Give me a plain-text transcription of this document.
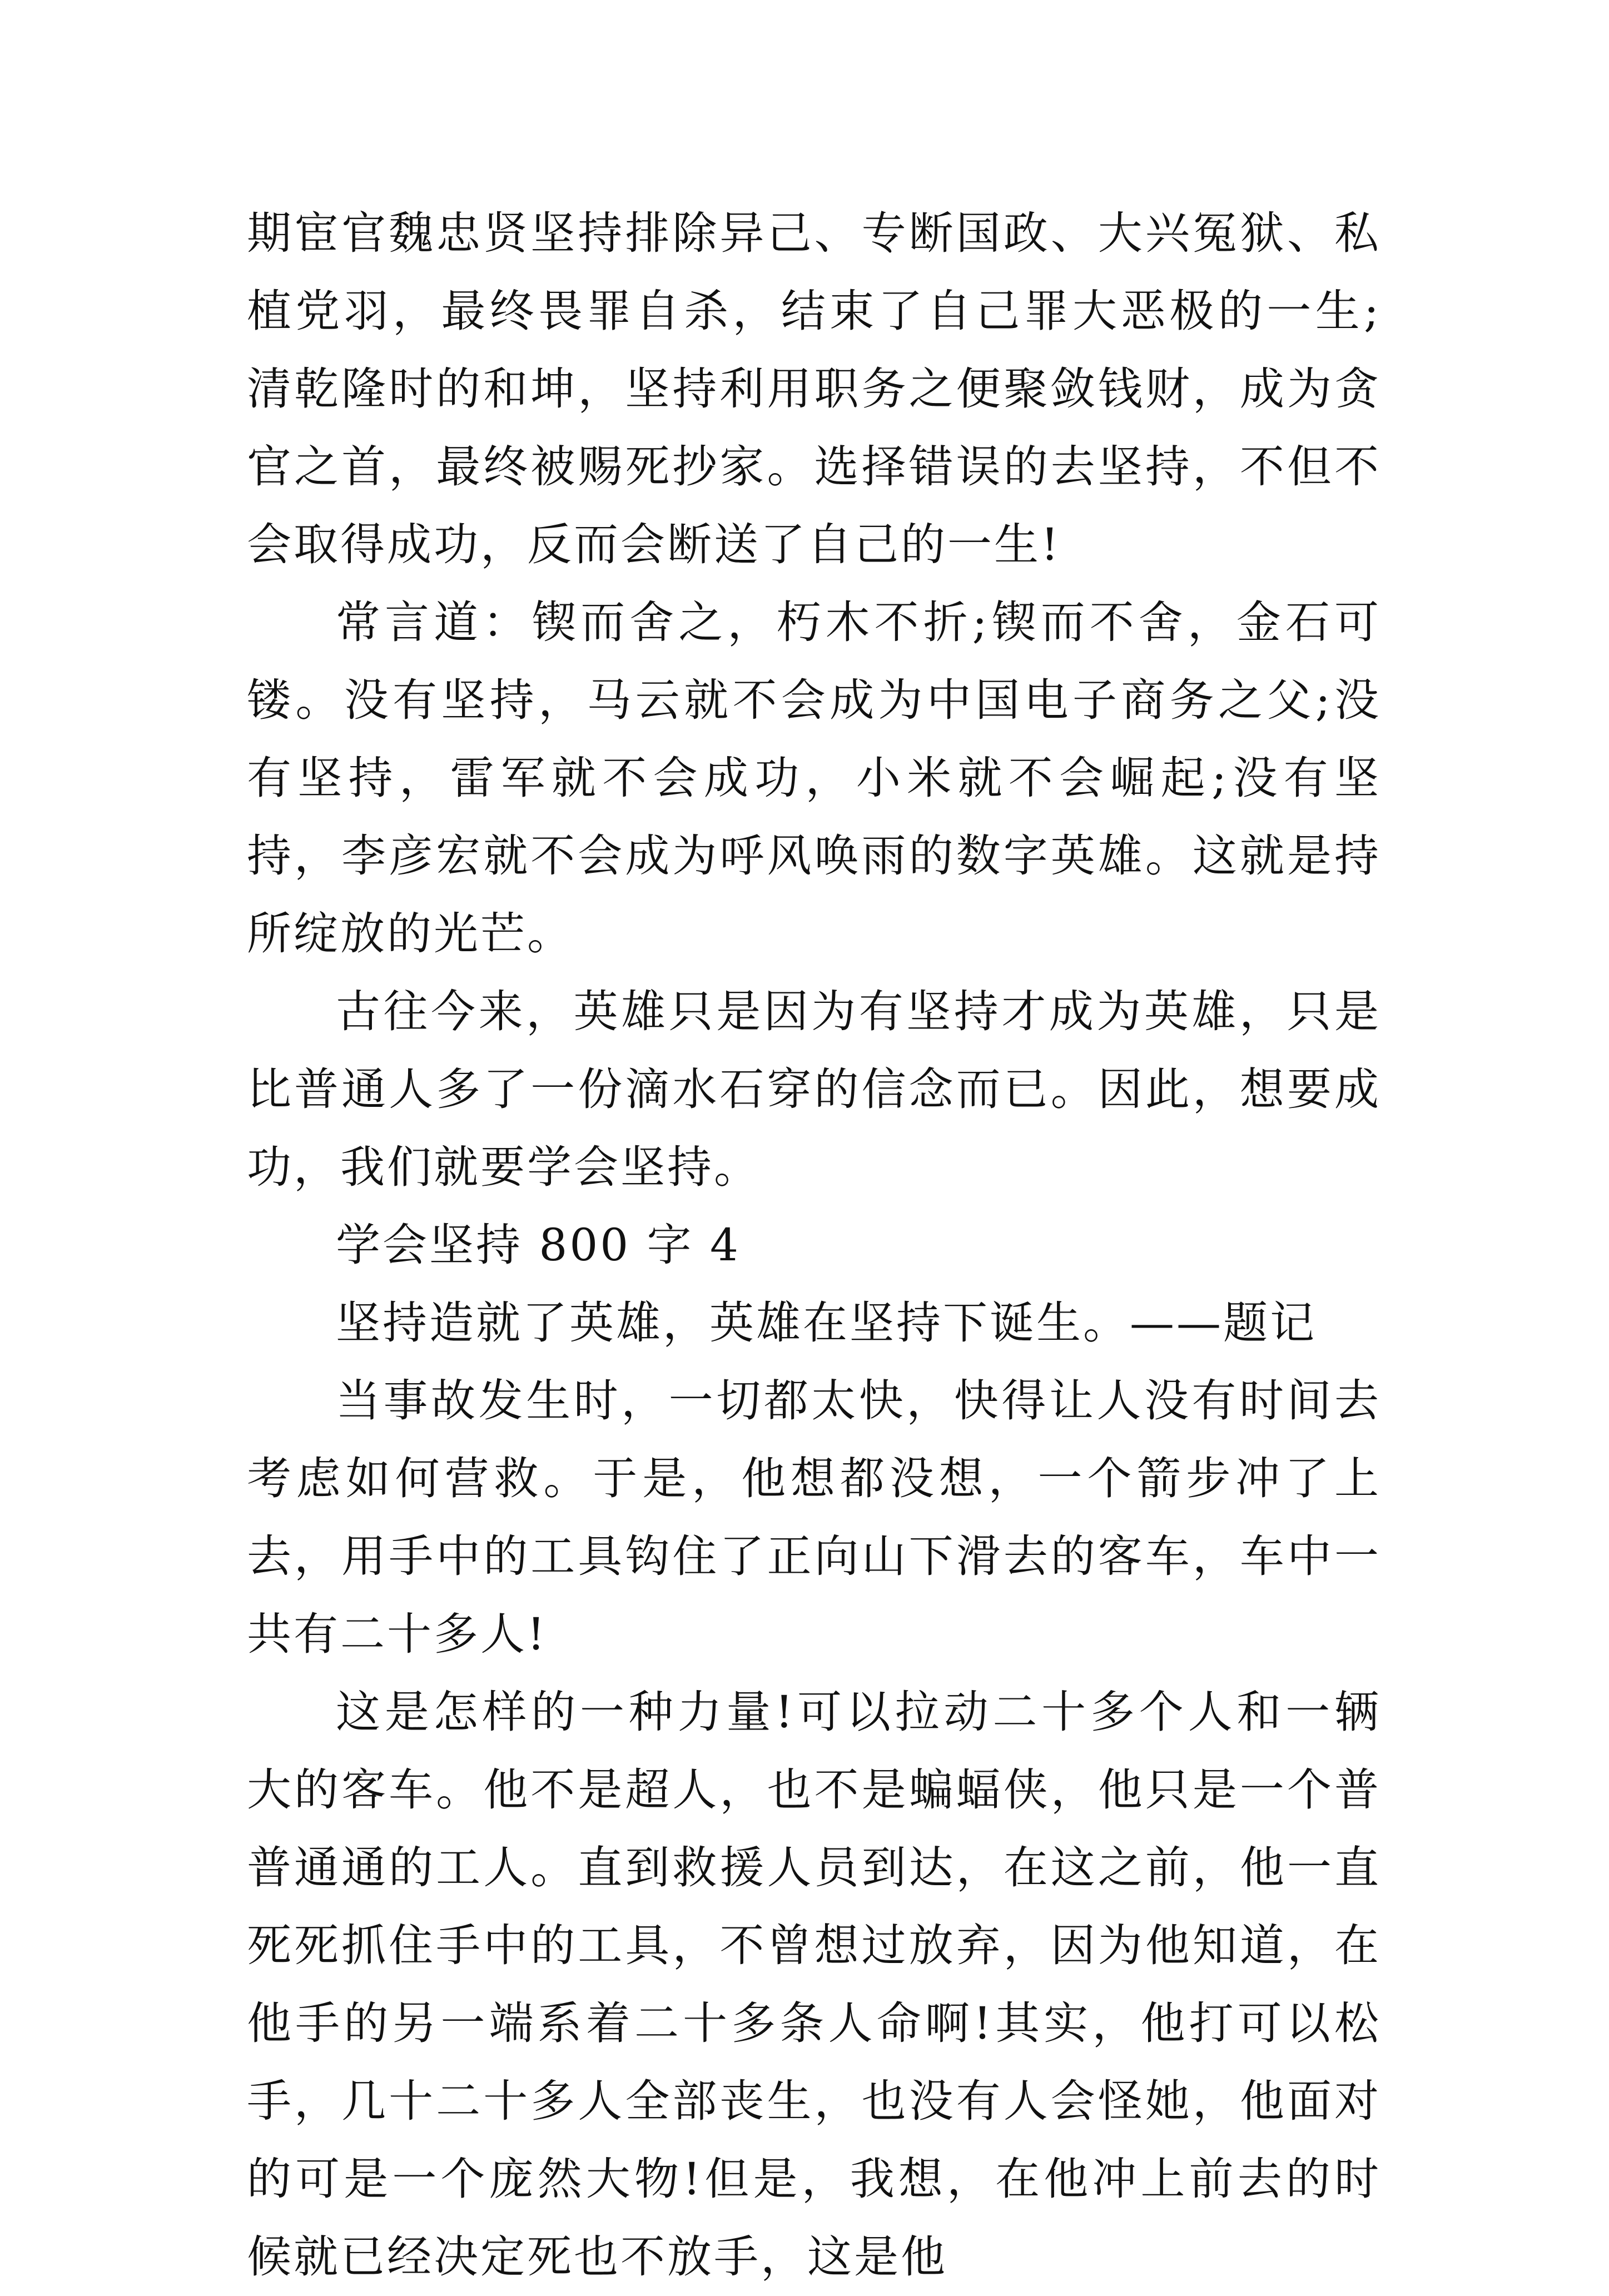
期宦官魏忠贤坚持排除异己、专断国政、大兴冤狱、私植党羽，最终畏罪自杀，结束了自己罪大恶极的一生;清乾隆时的和坤，坚持利用职务之便聚敛钱财，成为贪官之首，最终被赐死抄家。选择错误的去坚持，不但不会取得成功，反而会断送了自己的一生!

常言道：锲而舍之，朽木不折;锲而不舍，金石可镂。没有坚持，马云就不会成为中国电子商务之父;没有坚持，雷军就不会成功，小米就不会崛起;没有坚持，李彦宏就不会成为呼风唤雨的数字英雄。这就是持所绽放的光芒。

古往今来，英雄只是因为有坚持才成为英雄，只是比普通人多了一份滴水石穿的信念而已。因此，想要成功，我们就要学会坚持。

学会坚持 800 字 4

坚持造就了英雄，英雄在坚持下诞生。——题记

当事故发生时，一切都太快，快得让人没有时间去考虑如何营救。于是，他想都没想，一个箭步冲了上去，用手中的工具钩住了正向山下滑去的客车，车中一共有二十多人!

这是怎样的一种力量!可以拉动二十多个人和一辆大的客车。他不是超人，也不是蝙蝠侠，他只是一个普普通通的工人。直到救援人员到达，在这之前，他一直死死抓住手中的工具，不曾想过放弃，因为他知道，在他手的另一端系着二十多条人命啊!其实，他打可以松手，几十二十多人全部丧生，也没有人会怪她，他面对的可是一个庞然大物!但是，我想，在他冲上前去的时候就已经决定死也不放手，这是他
